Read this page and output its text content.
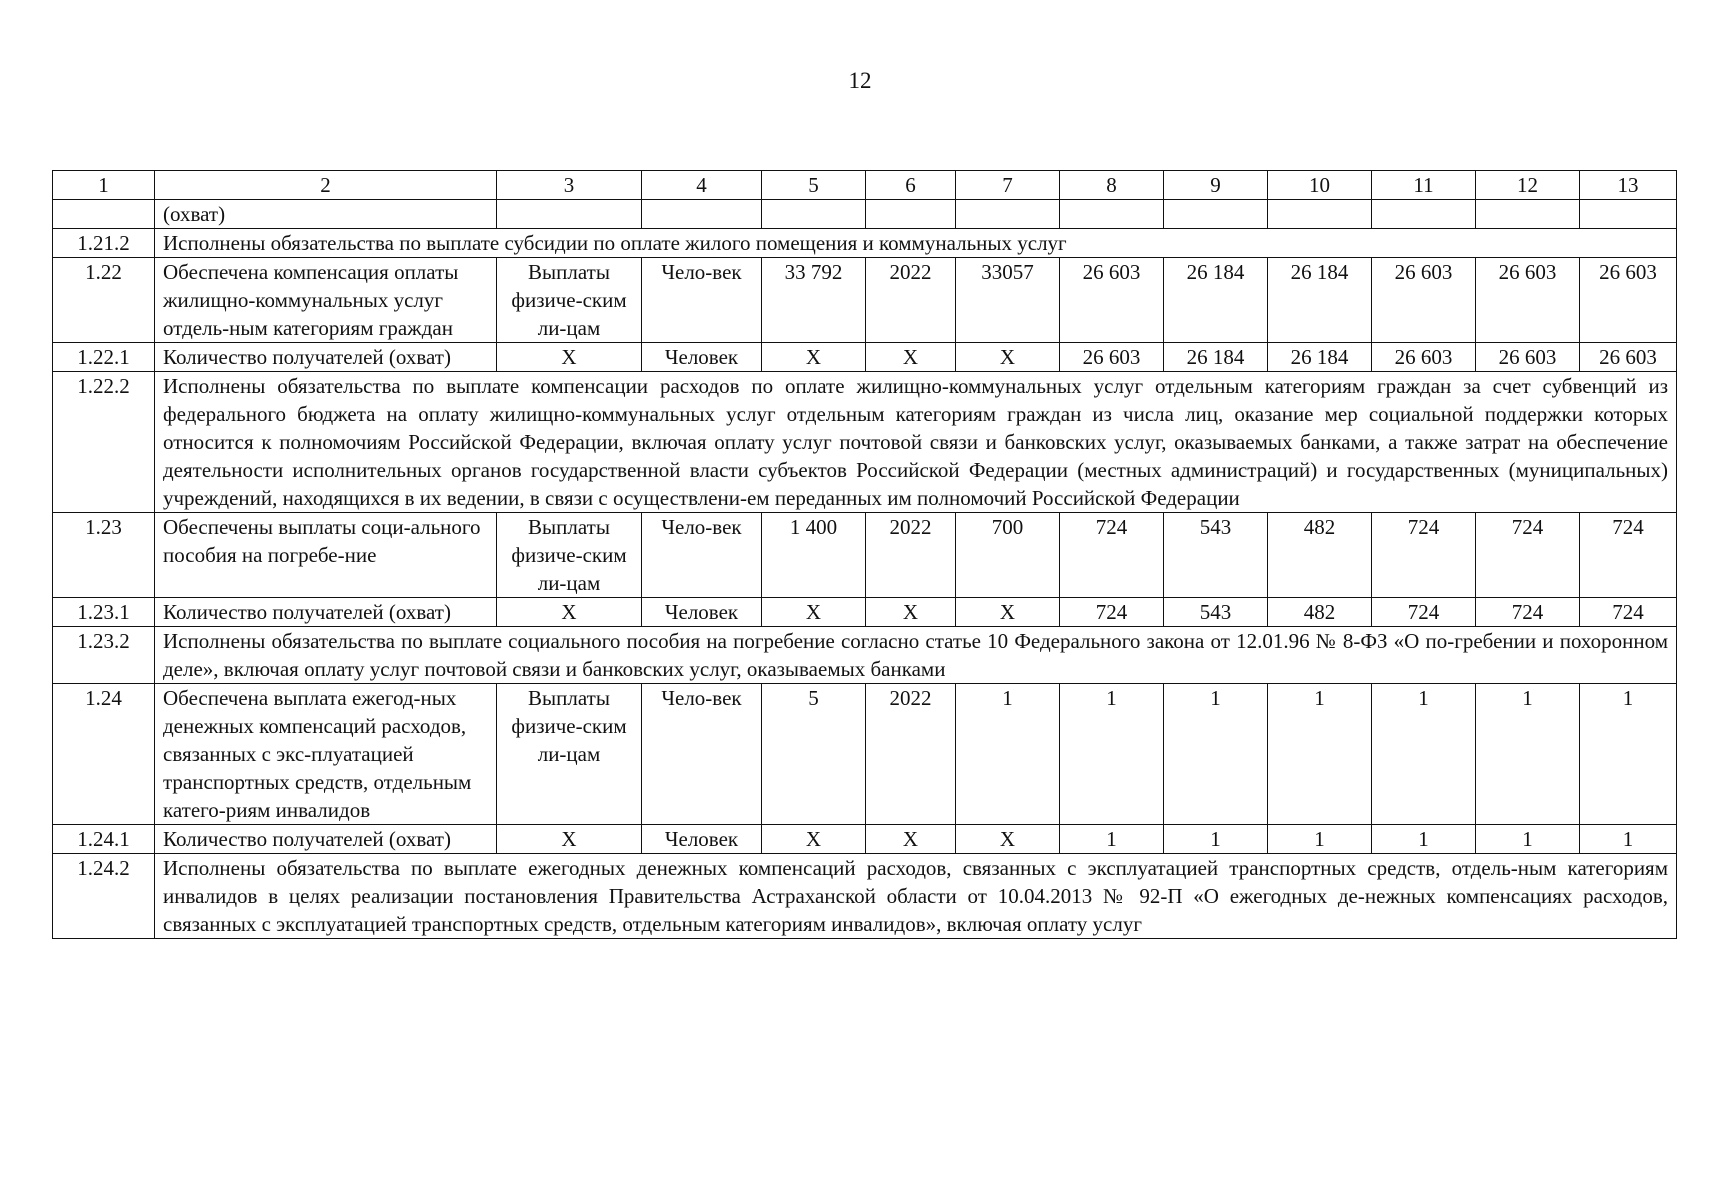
12
1	2	3	4	5	6	7	8	9	10	11	12	13
	(охват)											
1.21.2	Исполнены обязательства по выплате субсидии по оплате жилого помещения и коммунальных услуг											
1.22	Обеспечена компенсация оплаты жилищно-коммунальных услуг отдель-ным категориям граждан	Выплаты физиче-ским ли-цам	Чело-век	33 792	2022	33057	26 603	26 184	26 184	26 603	26 603	26 603
1.22.1	Количество получателей (охват)	Х	Человек	Х	Х	Х	26 603	26 184	26 184	26 603	26 603	26 603
1.22.2	Исполнены обязательства по выплате компенсации расходов по оплате жилищно-коммунальных услуг отдельным категориям граждан за счет субвенций из федерального бюджета на оплату жилищно-коммунальных услуг отдельным категориям граждан из числа лиц, оказание мер социальной поддержки которых относится к полномочиям Российской Федерации, включая оплату услуг почтовой связи и банковских услуг, оказываемых банками, а также затрат на обеспечение деятельности исполнительных органов государственной власти субъектов Российской Федерации (местных администраций) и государственных (муниципальных) учреждений, находящихся в их ведении, в связи с осуществлени-ем переданных им полномочий Российской Федерации											
1.23	Обеспечены выплаты соци-ального пособия на погребе-ние	Выплаты физиче-ским ли-цам	Чело-век	1 400	2022	700	724	543	482	724	724	724
1.23.1	Количество получателей (охват)	Х	Человек	Х	Х	Х	724	543	482	724	724	724
1.23.2	Исполнены обязательства по выплате социального пособия на погребение согласно статье 10 Федерального закона от 12.01.96 № 8-ФЗ «О по-гребении и похоронном деле», включая оплату услуг почтовой связи и банковских услуг, оказываемых банками											
1.24	Обеспечена выплата ежегод-ных денежных компенсаций расходов, связанных с экс-плуатацией транспортных средств, отдельным катего-риям инвалидов	Выплаты физиче-ским ли-цам	Чело-век	5	2022	1	1	1	1	1	1	1
1.24.1	Количество получателей (охват)	Х	Человек	Х	Х	Х	1	1	1	1	1	1
1.24.2	Исполнены обязательства по выплате ежегодных денежных компенсаций расходов, связанных с эксплуатацией транспортных средств, отдель-ным категориям инвалидов в целях реализации постановления Правительства Астраханской области от 10.04.2013 № 92-П «О ежегодных де-нежных компенсациях расходов, связанных с эксплуатацией транспортных средств, отдельным категориям инвалидов», включая оплату услуг											
